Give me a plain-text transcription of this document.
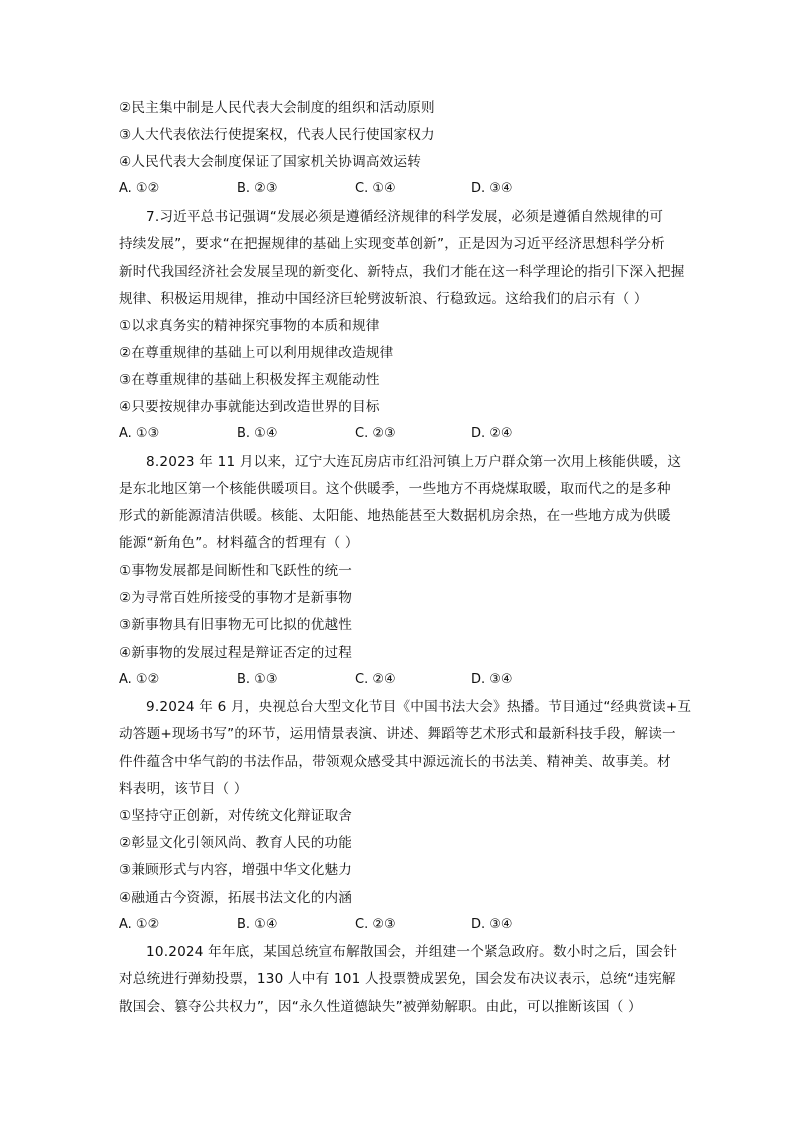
②民主集中制是人民代表大会制度的组织和活动原则
③人大代表依法行使提案权，代表人民行使国家权力
④人民代表大会制度保证了国家机关协调高效运转
A. ①②	B. ②③	C. ①④	D. ③④
7.习近平总书记强调“发展必须是遵循经济规律的科学发展，必须是遵循自然规律的可
持续发展”，要求“在把握规律的基础上实现变革创新”，正是因为习近平经济思想科学分析
新时代我国经济社会发展呈现的新变化、新特点，我们才能在这一科学理论的指引下深入把握
规律、积极运用规律，推动中国经济巨轮劈波斩浪、行稳致远。这给我们的启示有（ ）
①以求真务实的精神探究事物的本质和规律
②在尊重规律的基础上可以利用规律改造规律
③在尊重规律的基础上积极发挥主观能动性
④只要按规律办事就能达到改造世界的目标
A. ①③	B. ①④	C. ②③	D. ②④
8.2023 年 11 月以来，辽宁大连瓦房店市红沿河镇上万户群众第一次用上核能供暖，这
是东北地区第一个核能供暖项目。这个供暖季，一些地方不再烧煤取暖，取而代之的是多种
形式的新能源清洁供暖。核能、太阳能、地热能甚至大数据机房余热，在一些地方成为供暖
能源“新角色”。材料蕴含的哲理有（ ）
①事物发展都是间断性和飞跃性的统一
②为寻常百姓所接受的事物才是新事物
③新事物具有旧事物无可比拟的优越性
④新事物的发展过程是辩证否定的过程
A. ①②	B. ①③	C. ②④	D. ③④
9.2024 年 6 月，央视总台大型文化节目《中国书法大会》热播。节目通过“经典赏读+互
动答题+现场书写”的环节，运用情景表演、讲述、舞蹈等艺术形式和最新科技手段，解读一
件件蕴含中华气韵的书法作品，带领观众感受其中源远流长的书法美、精神美、故事美。材
料表明，该节目（ ）
①坚持守正创新，对传统文化辩证取舍
②彰显文化引领风尚、教育人民的功能
③兼顾形式与内容，增强中华文化魅力
④融通古今资源，拓展书法文化的内涵
A. ①②	B. ①④	C. ②③	D. ③④
10.2024 年年底，某国总统宣布解散国会，并组建一个紧急政府。数小时之后，国会针
对总统进行弹劾投票，130 人中有 101 人投票赞成罢免，国会发布决议表示，总统“违宪解
散国会、篡夺公共权力”，因“永久性道德缺失”被弹劾解职。由此，可以推断该国（ ）
